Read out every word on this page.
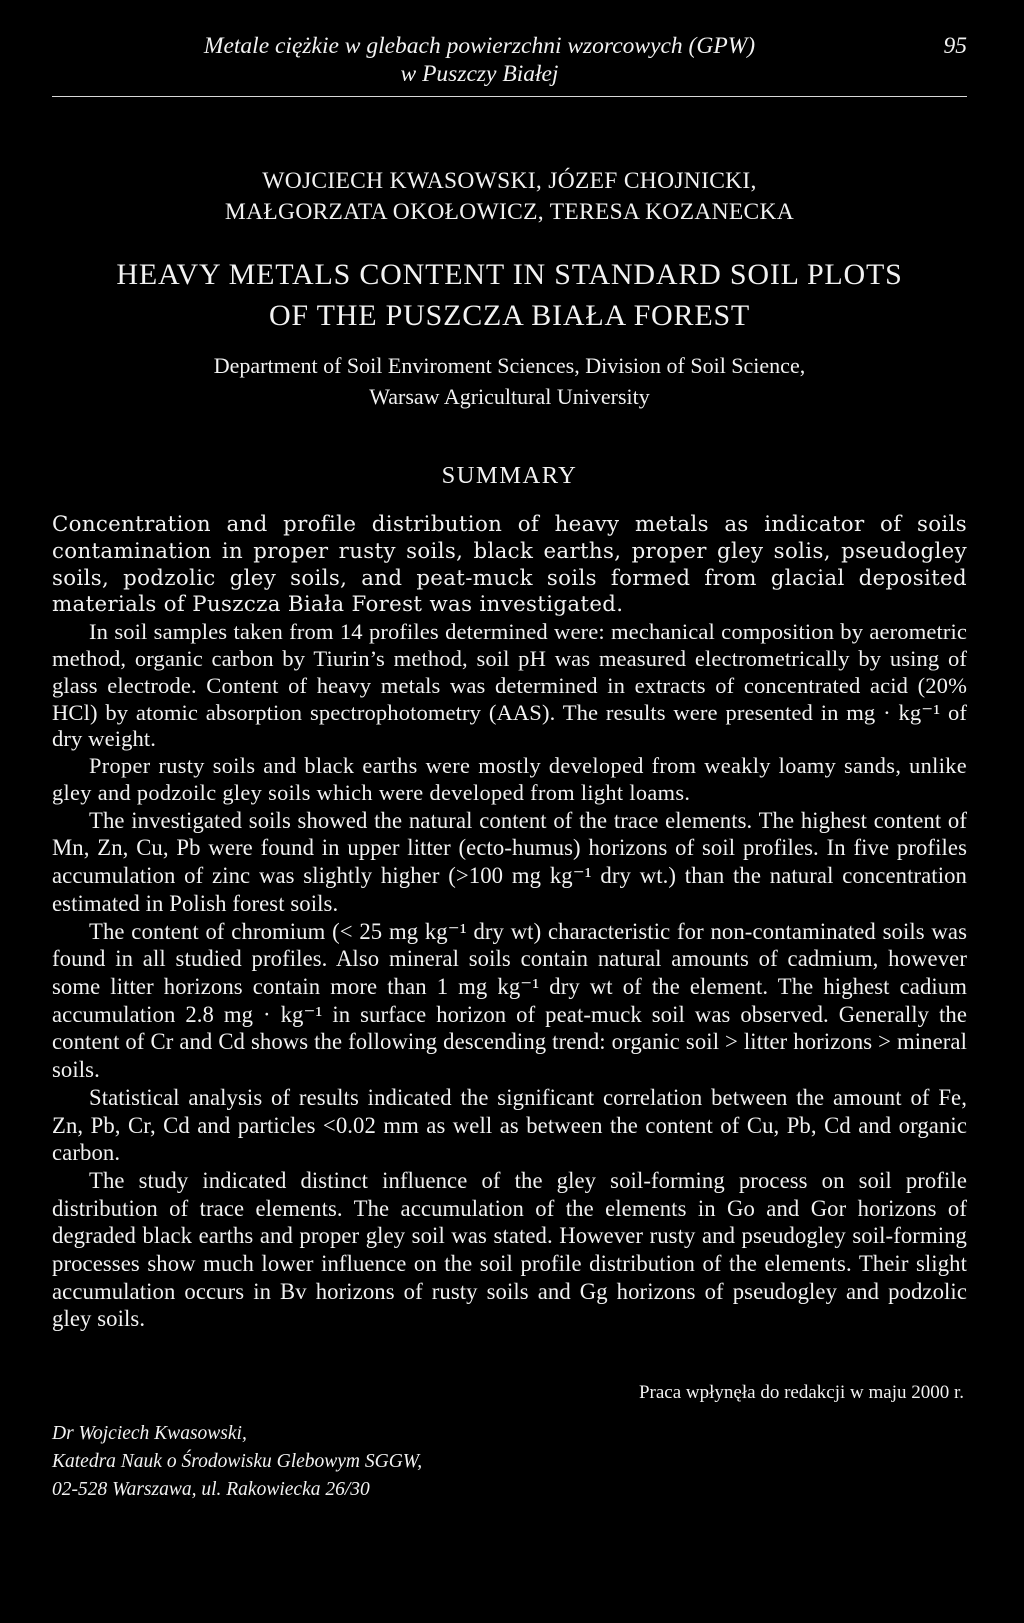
Metale ciężkie w glebach powierzchni wzorcowych (GPW)
w Puszczy Białej
95
WOJCIECH KWASOWSKI, JÓZEF CHOJNICKI,
MAŁGORZATA OKOŁOWICZ, TERESA KOZANECKA
HEAVY METALS CONTENT IN STANDARD SOIL PLOTS
OF THE PUSZCZA BIAŁA FOREST
Department of Soil Enviroment Sciences, Division of Soil Science,
Warsaw Agricultural University
SUMMARY

Concentration and profile distribution of heavy metals as indicator of soils contamination in proper rusty soils, black earths, proper gley solis, pseudogley soils, podzolic gley soils, and peat-muck soils formed from glacial deposited materials of Puszcza Biała Forest was investigated.

In soil samples taken from 14 profiles determined were: mechanical composition by aerometric method, organic carbon by Tiurin’s method, soil pH was measured electrometrically by using of glass electrode. Content of heavy metals was determined in extracts of concentrated acid (20% HCl) by atomic absorption spectrophotometry (AAS). The results were presented in mg · kg⁻¹ of dry weight.

Proper rusty soils and black earths were mostly developed from weakly loamy sands, unlike gley and podzoilc gley soils which were developed from light loams.

The investigated soils showed the natural content of the trace elements. The highest content of Mn, Zn, Cu, Pb were found in upper litter (ecto-humus) horizons of soil profiles. In five profiles accumulation of zinc was slightly higher (>100 mg kg⁻¹ dry wt.) than the natural concentration estimated in Polish forest soils.

The content of chromium (< 25 mg kg⁻¹ dry wt) characteristic for non-contaminated soils was found in all studied profiles. Also mineral soils contain natural amounts of cadmium, however some litter horizons contain more than 1 mg kg⁻¹ dry wt of the element. The highest cadium accumulation 2.8 mg · kg⁻¹ in surface horizon of peat-muck soil was observed. Generally the content of Cr and Cd shows the following descending trend: organic soil > litter horizons > mineral soils.

Statistical analysis of results indicated the significant correlation between the amount of Fe, Zn, Pb, Cr, Cd and particles <0.02 mm as well as between the content of Cu, Pb, Cd and organic carbon.

The study indicated distinct influence of the gley soil-forming process on soil profile distribution of trace elements. The accumulation of the elements in Go and Gor horizons of degraded black earths and proper gley soil was stated. However rusty and pseudogley soil-forming processes show much lower influence on the soil profile distribution of the elements. Their slight accumulation occurs in Bv horizons of rusty soils and Gg horizons of pseudogley and podzolic gley soils.

Praca wpłynęła do redakcji w maju 2000 r.
Dr Wojciech Kwasowski,
Katedra Nauk o Środowisku Glebowym SGGW,
02-528 Warszawa, ul. Rakowiecka 26/30
